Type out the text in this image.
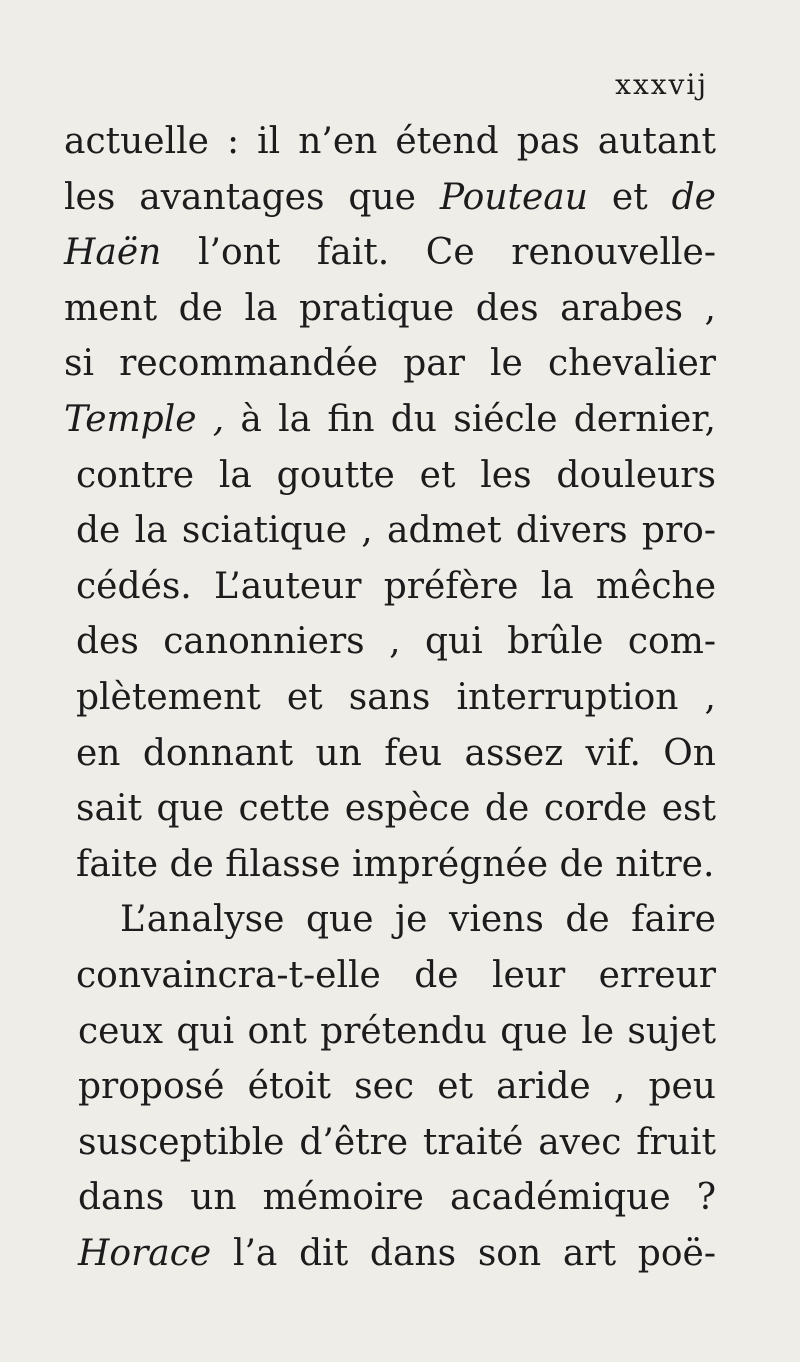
xxxvij
actuelle : il n’en étend pas autant
les avantages que Pouteau et de
Haën l’ont fait. Ce renouvelle-
ment de la pratique des arabes ,
si recommandée par le chevalier
Temple , à la fin du siécle dernier,
contre la goutte et les douleurs
de la sciatique , admet divers pro-
cédés. L’auteur préfère la mêche
des canonniers , qui brûle com-
plètement et sans interruption ,
en donnant un feu assez vif. On
sait que cette espèce de corde est
faite de filasse imprégnée de nitre.
L’analyse que je viens de faire
convaincra-t-elle de leur erreur
ceux qui ont prétendu que le sujet
proposé étoit sec et aride , peu
susceptible d’être traité avec fruit
dans un mémoire académique ?
Horace l’a dit dans son art poë-
